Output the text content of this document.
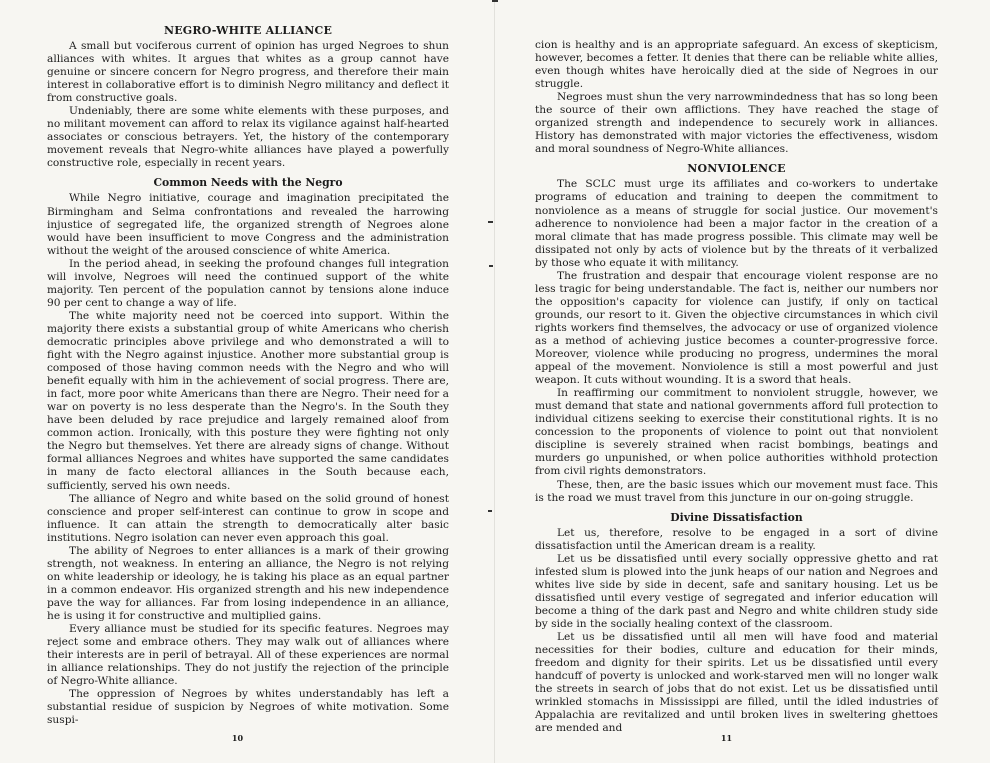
NEGRO-WHITE ALLIANCE

A small but vociferous current of opinion has urged Negroes to shun alliances with whites. It argues that whites as a group cannot have genuine or sincere concern for Negro progress, and therefore their main interest in collaborative effort is to diminish Negro militancy and deflect it from constructive goals.

Undeniably, there are some white elements with these purposes, and no militant movement can afford to relax its vigilance against half-hearted associates or conscious betrayers. Yet, the history of the contemporary movement reveals that Negro-white alliances have played a powerfully constructive role, especially in recent years.

Common Needs with the Negro

While Negro initiative, courage and imagination precipitated the Birmingham and Selma confrontations and revealed the harrowing injustice of segregated life, the organized strength of Negroes alone would have been insufficient to move Congress and the administration without the weight of the aroused conscience of white America.

In the period ahead, in seeking the profound changes full integration will involve, Negroes will need the continued support of the white majority. Ten percent of the population cannot by tensions alone induce 90 per cent to change a way of life.

The white majority need not be coerced into support. Within the majority there exists a substantial group of white Americans who cherish democratic principles above privilege and who demonstrated a will to fight with the Negro against injustice. Another more substantial group is composed of those having common needs with the Negro and who will benefit equally with him in the achievement of social progress. There are, in fact, more poor white Americans than there are Negro. Their need for a war on poverty is no less desperate than the Negro's. In the South they have been deluded by race prejudice and largely remained aloof from common action. Ironically, with this posture they were fighting not only the Negro but themselves. Yet there are already signs of change. Without formal alliances Negroes and whites have supported the same candidates in many de facto electoral alliances in the South because each, sufficiently, served his own needs.

The alliance of Negro and white based on the solid ground of honest conscience and proper self-interest can continue to grow in scope and influence. It can attain the strength to democratically alter basic institutions. Negro isolation can never even approach this goal.

The ability of Negroes to enter alliances is a mark of their growing strength, not weakness. In entering an alliance, the Negro is not relying on white leadership or ideology, he is taking his place as an equal partner in a common endeavor. His organized strength and his new independence pave the way for alliances. Far from losing independence in an alliance, he is using it for constructive and multiplied gains.

Every alliance must be studied for its specific features. Negroes may reject some and embrace others. They may walk out of alliances where their interests are in peril of betrayal. All of these experiences are normal in alliance relationships. They do not justify the rejection of the principle of Negro-White alliance.

The oppression of Negroes by whites understandably has left a substantial residue of suspicion by Negroes of white motivation. Some suspi-

10

cion is healthy and is an appropriate safeguard. An excess of skepticism, however, becomes a fetter. It denies that there can be reliable white allies, even though whites have heroically died at the side of Negroes in our struggle.

Negroes must shun the very narrowmindedness that has so long been the source of their own afflictions. They have reached the stage of organized strength and independence to securely work in alliances. History has demonstrated with major victories the effectiveness, wisdom and moral soundness of Negro-White alliances.

NONVIOLENCE

The SCLC must urge its affiliates and co-workers to undertake programs of education and training to deepen the commitment to nonviolence as a means of struggle for social justice. Our movement's adherence to nonviolence had been a major factor in the creation of a moral climate that has made progress possible. This climate may well be dissipated not only by acts of violence but by the threats of it verbalized by those who equate it with militancy.

The frustration and despair that encourage violent response are no less tragic for being understandable. The fact is, neither our numbers nor the opposition's capacity for violence can justify, if only on tactical grounds, our resort to it. Given the objective circumstances in which civil rights workers find themselves, the advocacy or use of organized violence as a method of achieving justice becomes a counter-progressive force. Moreover, violence while producing no progress, undermines the moral appeal of the movement. Nonviolence is still a most powerful and just weapon. It cuts without wounding. It is a sword that heals.

In reaffirming our commitment to nonviolent struggle, however, we must demand that state and national governments afford full protection to individual citizens seeking to exercise their constitutional rights. It is no concession to the proponents of violence to point out that nonviolent discipline is severely strained when racist bombings, beatings and murders go unpunished, or when police authorities withhold protection from civil rights demonstrators.

These, then, are the basic issues which our movement must face. This is the road we must travel from this juncture in our on-going struggle.

Divine Dissatisfaction

Let us, therefore, resolve to be engaged in a sort of divine dissatisfaction until the American dream is a reality.

Let us be dissatisfied until every socially oppressive ghetto and rat infested slum is plowed into the junk heaps of our nation and Negroes and whites live side by side in decent, safe and sanitary housing. Let us be dissatisfied until every vestige of segregated and inferior education will become a thing of the dark past and Negro and white children study side by side in the socially healing context of the classroom.

Let us be dissatisfied until all men will have food and material necessities for their bodies, culture and education for their minds, freedom and dignity for their spirits. Let us be dissatisfied until every handcuff of poverty is unlocked and work-starved men will no longer walk the streets in search of jobs that do not exist. Let us be dissatisfied until wrinkled stomachs in Mississippi are filled, until the idled industries of Appalachia are revitalized and until broken lives in sweltering ghettoes are mended and

11
